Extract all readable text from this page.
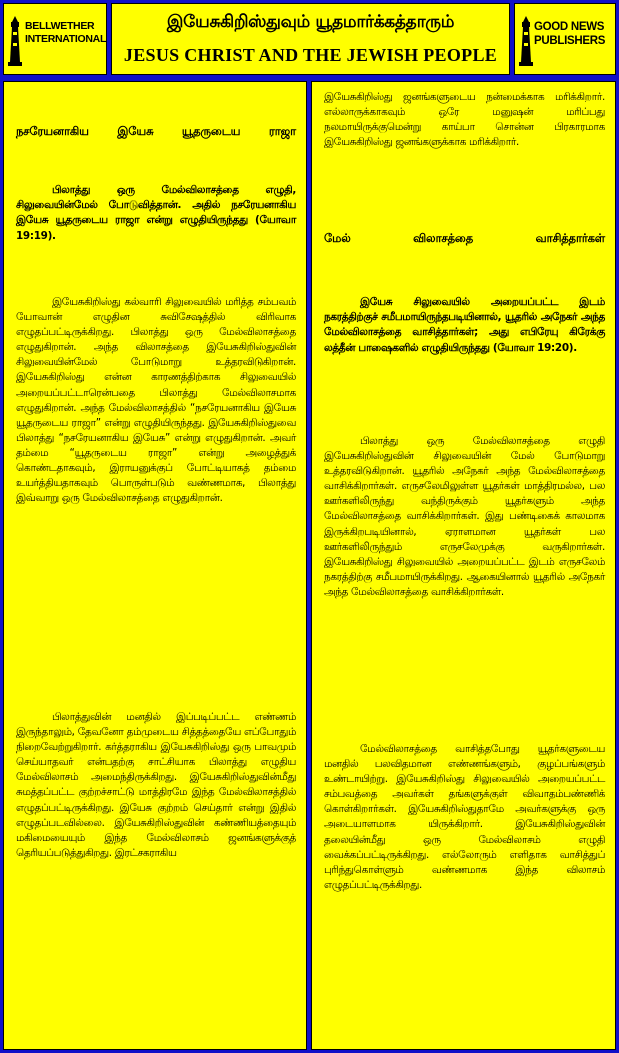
BELLWETHER
INTERNATIONAL
இயேசுகிறிஸ்துவும் யூதமார்க்கத்தாரும்
JESUS CHRIST AND THE JEWISH PEOPLE
GOOD NEWS
PUBLISHERS
நசரேயனாகிய இயேசு யூதருடைய ராஜா

பிலாத்து ஒரு மேல்விலாசத்தை எழுதி, சிலுவையின்மேல் போடுவித்தான். அதில் நசரேயனாகிய இயேசு யூதருடைய ராஜா என்று எழுதியிருந்தது (யோவா 19:19).

இயேசுகிறிஸ்து கல்வாரி சிலுவையில் மரித்த சம்பவம் யோவான் எழுதின சுவிசேஷத்தில் விரிவாக எழுதப்பட்டிருக்கிறது. பிலாத்து ஒரு மேல்விலாசத்தை எழுதுகிறான். அந்த விலாசத்தை இயேசுகிறிஸ்துவின் சிலுவையின்மேல் போடுமாறு உத்தரவிடுகிறான். இயேசுகிறிஸ்து என்ன காரணத்திற்காக சிலுவையில் அறையப்பட்டாரென்பதை பிலாத்து மேல்விலாசமாக எழுதுகிறான். அந்த மேல்விலாசத்தில் “நசரேயனாகிய இயேசு யூதருடைய ராஜா” என்று எழுதியிருந்தது. இயேசுகிறிஸ்துவை பிலாத்து “நசரேயனாகிய இயேசு” என்று எழுதுகிறான். அவர் தம்மை “யூதருடைய ராஜா” என்று அழைத்துக் கொண்டதாகவும், இராயனுக்குப் போட்டியாகத் தம்மை உயர்த்தியதாகவும் பொருள்படும் வண்ணமாக, பிலாத்து இவ்வாறு ஒரு மேல்விலாசத்தை எழுதுகிறான்.

பிலாத்துவின் மனதில் இப்படிப்பட்ட எண்ணம் இருந்தாலும், தேவனோ தம்முடைய சித்தத்தையே எப்போதும் நிறைவேற்றுகிறார். கர்த்தராகிய இயேசுகிறிஸ்து ஒரு பாவமும் செய்யாதவர் என்பதற்கு சாட்சியாக பிலாத்து எழுதிய மேல்விலாசம் அமைந்திருக்கிறது. இயேசுகிறிஸ்துவின்மீது சுமத்தப்பட்ட குற்றச்சாட்டு மாத்திரமே இந்த மேல்விலாசத்தில் எழுதப்பட்டிருக்கிறது. இயேசு குற்றம் செய்தார் என்று இதில் எழுதப்படவில்லை. இயேசுகிறிஸ்துவின் கண்ணியத்தையும் மகிமையையும் இந்த மேல்விலாசம் ஜனங்களுக்குத் தெரியப்படுத்துகிறது. இரட்சகராகிய

இயேசுகிறிஸ்து ஜனங்களுடைய நன்மைக்காக மரிக்கிறார். எல்லாருக்காகவும் ஒரே மனுஷன் மரிப்பது நலமாயிருக்குமென்று காய்பா சொன்ன பிரகாரமாக இயேசுகிறிஸ்து ஜனங்களுக்காக மரிக்கிறார்.

மேல் விலாசத்தை வாசித்தார்கள்

இயேசு சிலுவையில் அறையப்பட்ட இடம் நகரத்திற்குச் சமீபமாயிருந்தபடியினால், யூதரில் அநேகர் அந்த மேல்விலாசத்தை வாசித்தார்கள்; அது எபிரேயு கிரேக்கு லத்தீன் பாஷைகளில் எழுதியிருந்தது (யோவா 19:20).

பிலாத்து ஒரு மேல்விலாசத்தை எழுதி இயேசுகிறிஸ்துவின் சிலுவையின் மேல் போடுமாறு உத்தரவிடுகிறான். யூதரில் அநேகர் அந்த மேல்விலாசத்தை வாசிக்கிறார்கள். எருசலேமிலுள்ள யூதர்கள் மாத்திரமல்ல, பல ஊர்களிலிருந்து வந்திருக்கும் யூதர்களும் அந்த மேல்விலாசத்தை வாசிக்கிறார்கள். இது பண்டிகைக் காலமாக இருக்கிறபடியினால், ஏராளமான யூதர்கள் பல ஊர்களிலிருந்தும் எருசலேமுக்கு வருகிறார்கள். இயேசுகிறிஸ்து சிலுவையில் அறையப்பட்ட இடம் எருசலேம் நகரத்திற்கு சமீபமாயிருக்கிறது. ஆகையினால் யூதரில் அநேகர் அந்த மேல்விலாசத்தை வாசிக்கிறார்கள்.

மேல்விலாசத்தை வாசித்தபோது யூதர்களுடைய மனதில் பலவிதமான எண்ணங்களும், குழப்பங்களும் உண்டாயிற்று. இயேசுகிறிஸ்து சிலுவையில் அறையப்பட்ட சம்பவத்தை அவர்கள் தங்களுக்குள் விவாதம்பண்ணிக் கொள்கிறார்கள். இயேசுகிறிஸ்துதாமே அவர்களுக்கு ஒரு அடையாளமாக யிருக்கிறார். இயேசுகிறிஸ்துவின் தலையின்மீது ஒரு மேல்விலாசம் எழுதி வைக்கப்பட்டிருக்கிறது. எல்லோரும் எளிதாக வாசித்துப் புரிந்துகொள்ளும் வண்ணமாக இந்த விலாசம் எழுதப்பட்டிருக்கிறது.
